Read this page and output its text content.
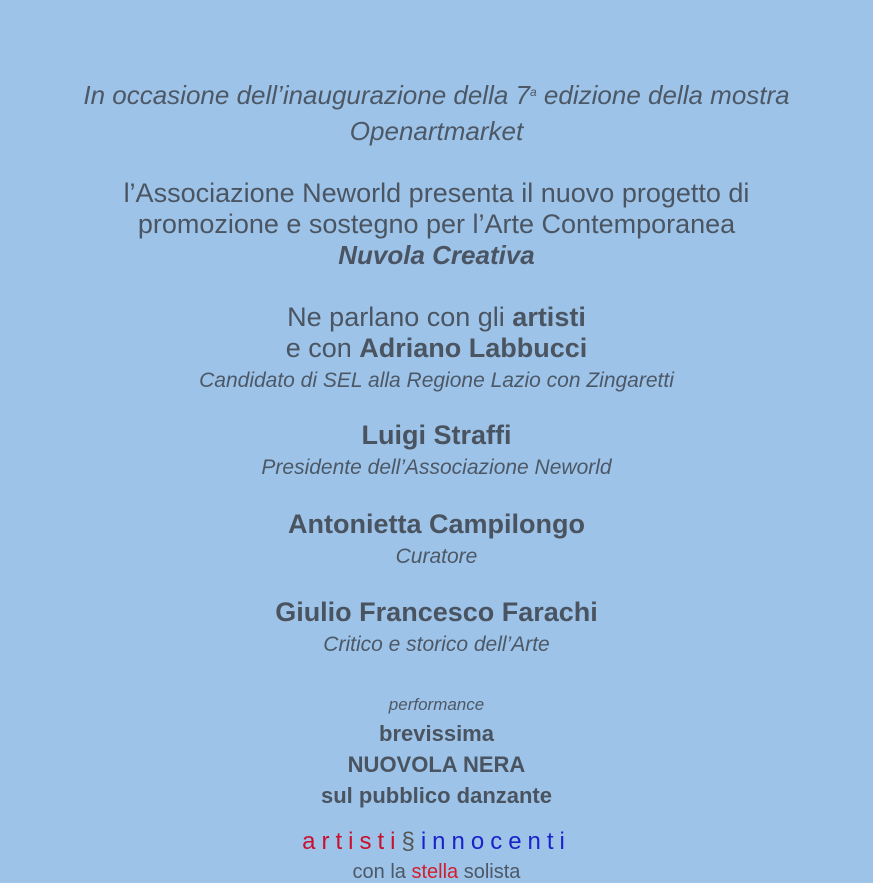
In occasione dell’inaugurazione della 7$^a$ edizione della mostra
Openartmarket
l’Associazione Neworld presenta il nuovo progetto di
promozione e sostegno per l’Arte Contemporanea
Nuvola Creativa
Ne parlano con gli artisti
e con Adriano Labbucci
Candidato di SEL alla Regione Lazio con Zingaretti
Luigi Straffi
Presidente dell’Associazione Neworld
Antonietta Campilongo
Curatore
Giulio Francesco Farachi
Critico e storico dell’Arte
performance
brevissima
NUOVOLA NERA
sul pubblico danzante
artisti§innocenti
con la stella solista
